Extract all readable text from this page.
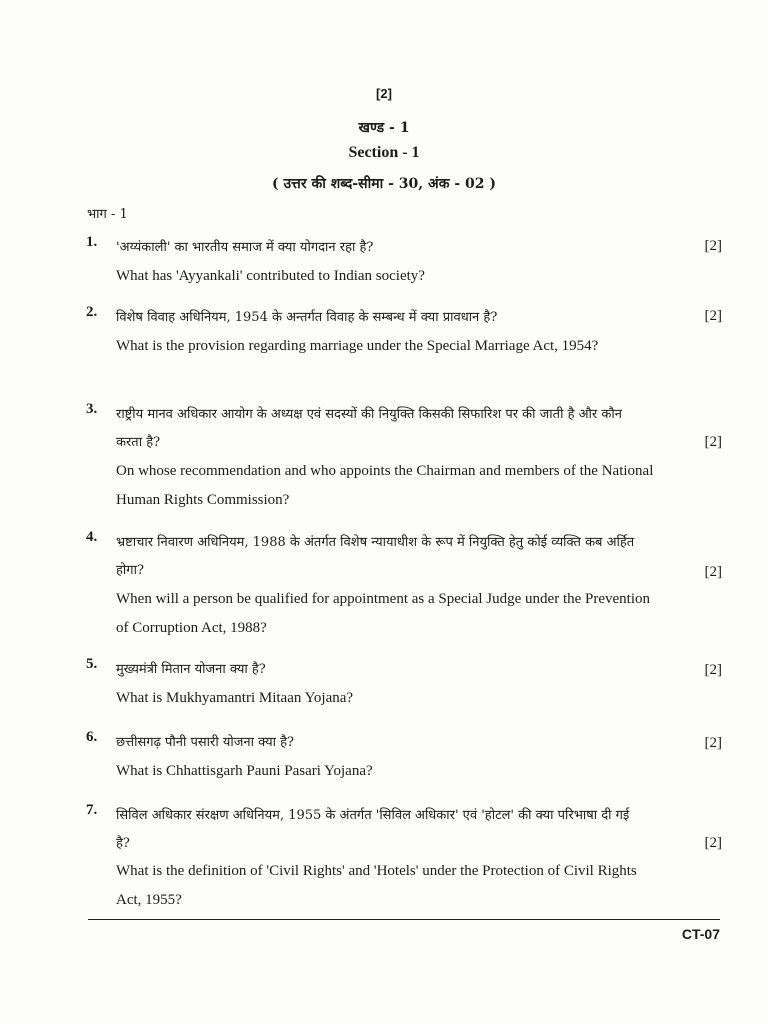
[2]
खण्ड - 1
Section - 1
( उत्तर की शब्द-सीमा - 30, अंक - 02 )
भाग - 1
1. 'अय्यंकाली' का भारतीय समाज में क्या योगदान रहा है?
What has 'Ayyankali' contributed to Indian society?
[2]
2. विशेष विवाह अधिनियम, 1954 के अन्तर्गत विवाह के सम्बन्ध में क्या प्रावधान है?
What is the provision regarding marriage under the Special Marriage Act, 1954?
[2]
3. राष्ट्रीय मानव अधिकार आयोग के अध्यक्ष एवं सदस्यों की नियुक्ति किसकी सिफारिश पर की जाती है और कौन करता है?
On whose recommendation and who appoints the Chairman and members of the National Human Rights Commission?
[2]
4. भ्रष्टाचार निवारण अधिनियम, 1988 के अंतर्गत विशेष न्यायाधीश के रूप में नियुक्ति हेतु कोई व्यक्ति कब अर्हित होगा?
When will a person be qualified for appointment as a Special Judge under the Prevention of Corruption Act, 1988?
[2]
5. मुख्यमंत्री मितान योजना क्या है?
What is Mukhyamantri Mitaan Yojana?
[2]
6. छत्तीसगढ़ पौनी पसारी योजना क्या है?
What is Chhattisgarh Pauni Pasari Yojana?
[2]
7. सिविल अधिकार संरक्षण अधिनियम, 1955 के अंतर्गत 'सिविल अधिकार' एवं 'होटल' की क्या परिभाषा दी गई है?
What is the definition of 'Civil Rights' and 'Hotels' under the Protection of Civil Rights Act, 1955?
[2]
CT-07
